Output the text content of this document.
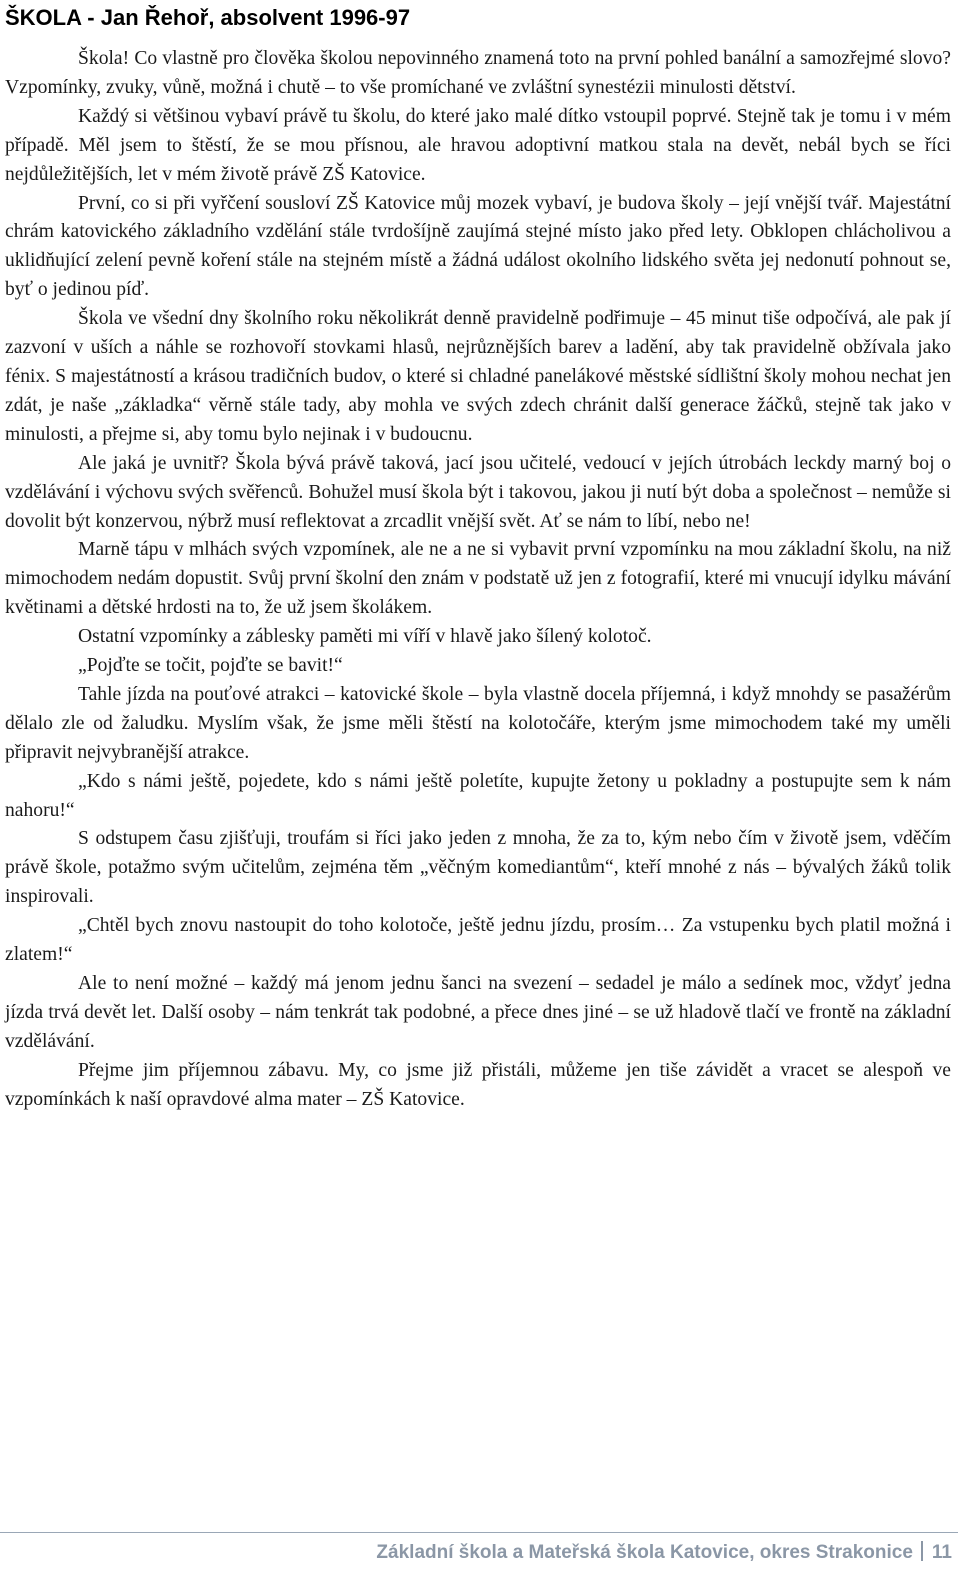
ŠKOLA - Jan Řehoř, absolvent 1996-97

Škola! Co vlastně pro člověka školou nepovinného znamená toto na první pohled banální a samozřejmé slovo? Vzpomínky, zvuky, vůně, možná i chutě – to vše promíchané ve zvláštní synestézii minulosti dětství.

Každý si většinou vybaví právě tu školu, do které jako malé dítko vstoupil poprvé. Stejně tak je tomu i v mém případě. Měl jsem to štěstí, že se mou přísnou, ale hravou adoptivní matkou stala na devět, nebál bych se říci nejdůležitějších, let v mém životě právě ZŠ Katovice.

První, co si při vyřčení sousloví ZŠ Katovice můj mozek vybaví, je budova školy – její vnější tvář. Majestátní chrám katovického základního vzdělání stále tvrdošíjně zaujímá stejné místo jako před lety. Obklopen chlácholivou a uklidňující zelení pevně koření stále na stejném místě a žádná událost okolního lidského světa jej nedonutí pohnout se, byť o jedinou píď.

Škola ve všední dny školního roku několikrát denně pravidelně podřimuje – 45 minut tiše odpočívá, ale pak jí zazvoní v uších a náhle se rozhovoří stovkami hlasů, nejrůznějších barev a ladění, aby tak pravidelně obžívala jako fénix. S majestátností a krásou tradičních budov, o které si chladné panelákové městské sídlištní školy mohou nechat jen zdát, je naše „základka“ věrně stále tady, aby mohla ve svých zdech chránit další generace žáčků, stejně tak jako v minulosti, a přejme si, aby tomu bylo nejinak i v budoucnu.

Ale jaká je uvnitř? Škola bývá právě taková, jací jsou učitelé, vedoucí v jejích útrobách leckdy marný boj o vzdělávání i výchovu svých svěřenců. Bohužel musí škola být i takovou, jakou ji nutí být doba a společnost – nemůže si dovolit být konzervou, nýbrž musí reflektovat a zrcadlit vnější svět. Ať se nám to líbí, nebo ne!

Marně tápu v mlhách svých vzpomínek, ale ne a ne si vybavit první vzpomínku na mou základní školu, na niž mimochodem nedám dopustit. Svůj první školní den znám v podstatě už jen z fotografií, které mi vnucují idylku mávání květinami a dětské hrdosti na to, že už jsem školákem.

Ostatní vzpomínky a záblesky paměti mi víří v hlavě jako šílený kolotoč.

„Pojďte se točit, pojďte se bavit!“

Tahle jízda na pouťové atrakci – katovické škole – byla vlastně docela příjemná, i když mnohdy se pasažérům dělalo zle od žaludku. Myslím však, že jsme měli štěstí na kolotočáře, kterým jsme mimochodem také my uměli připravit nejvybranější atrakce.

„Kdo s námi ještě, pojedete, kdo s námi ještě poletíte, kupujte žetony u pokladny a postupujte sem k nám nahoru!“

S odstupem času zjišťuji, troufám si říci jako jeden z mnoha, že za to, kým nebo čím v životě jsem, vděčím právě škole, potažmo svým učitelům, zejména těm „věčným komediantům“, kteří mnohé z nás – bývalých žáků tolik inspirovali.

„Chtěl bych znovu nastoupit do toho kolotoče, ještě jednu jízdu, prosím… Za vstupenku bych platil možná i zlatem!“

Ale to není možné – každý má jenom jednu šanci na svezení – sedadel je málo a sedínek moc, vždyť jedna jízda trvá devět let. Další osoby – nám tenkrát tak podobné, a přece dnes jiné – se už hladově tlačí ve frontě na základní vzdělávání.

Přejme jim příjemnou zábavu. My, co jsme již přistáli, můžeme jen tiše závidět a vracet se alespoň ve vzpomínkách k naší opravdové alma mater – ZŠ Katovice.

Základní škola a Mateřská škola Katovice, okres Strakonice 11
